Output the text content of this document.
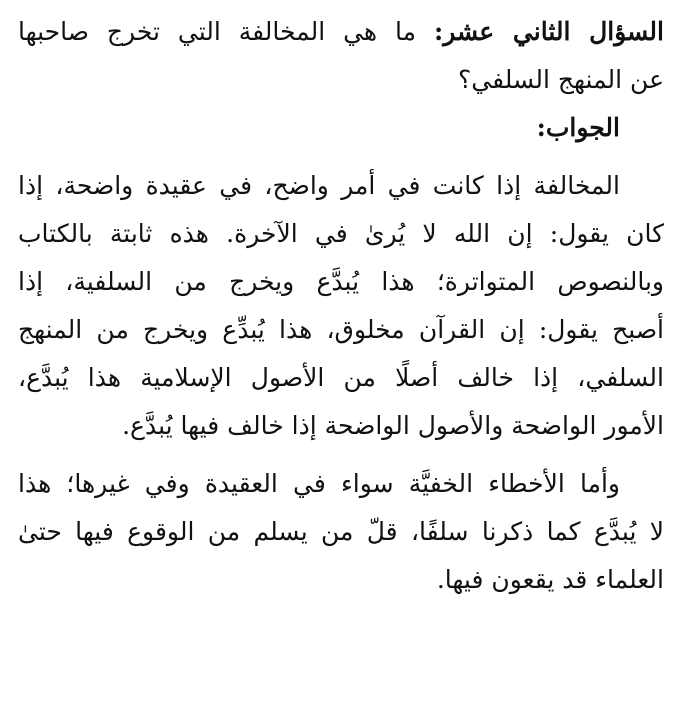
السؤال الثاني عشر: ما هي المخالفة التي تخرج صاحبها
عن المنهج السلفي؟
الجواب:
المخالفة إذا كانت في أمر واضح، في عقيدة واضحة، إذا
كان يقول: إن الله لا يُرىٰ في الآخرة. هذه ثابتة بالكتاب
وبالنصوص المتواترة؛ هذا يُبدَّع ويخرج من السلفية، إذا
أصبح يقول: إن القرآن مخلوق، هذا يُبدِّع ويخرج من المنهج
السلفي، إذا خالف أصلًا من الأصول الإسلامية هذا يُبدَّع،
الأمور الواضحة والأصول الواضحة إذا خالف فيها يُبدَّع.
وأما الأخطاء الخفيَّة سواء في العقيدة وفي غيرها؛ هذا
لا يُبدَّع كما ذكرنا سلفًا، قلّ من يسلم من الوقوع فيها حتىٰ
العلماء قد يقعون فيها.
